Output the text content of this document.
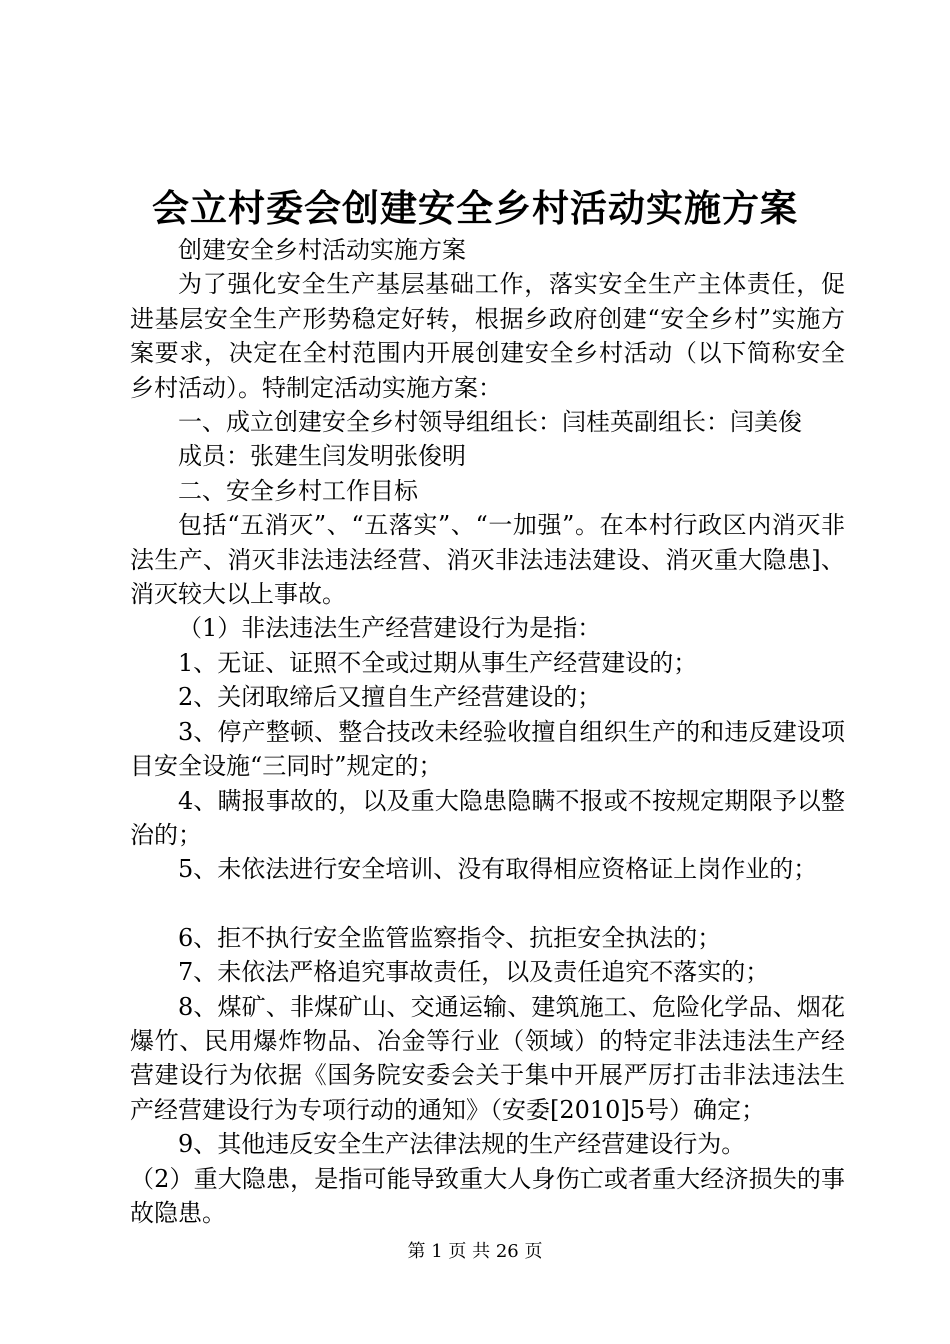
会立村委会创建安全乡村活动实施方案

创建安全乡村活动实施方案

为了强化安全生产基层基础工作，落实安全生产主体责任，促进基层安全生产形势稳定好转，根据乡政府创建“安全乡村”实施方案要求，决定在全村范围内开展创建安全乡村活动（以下简称安全乡村活动）。特制定活动实施方案：

一、成立创建安全乡村领导组组长：闫桂英副组长：闫美俊

成员：张建生闫发明张俊明

二、安全乡村工作目标

包括“五消灭”、“五落实”、“一加强”。在本村行政区内消灭非法生产、消灭非法违法经营、消灭非法违法建设、消灭重大隐患]、消灭较大以上事故。

（1）非法违法生产经营建设行为是指：

1、无证、证照不全或过期从事生产经营建设的；

2、关闭取缔后又擅自生产经营建设的；

3、停产整顿、整合技改未经验收擅自组织生产的和违反建设项目安全设施“三同时”规定的；

4、瞒报事故的，以及重大隐患隐瞒不报或不按规定期限予以整治的；

5、未依法进行安全培训、没有取得相应资格证上岗作业的；

6、拒不执行安全监管监察指令、抗拒安全执法的；

7、未依法严格追究事故责任，以及责任追究不落实的；

8、煤矿、非煤矿山、交通运输、建筑施工、危险化学品、烟花爆竹、民用爆炸物品、冶金等行业（领域）的特定非法违法生产经营建设行为依据《国务院安委会关于集中开展严厉打击非法违法生产经营建设行为专项行动的通知》（安委[2010]5号）确定；

9、其他违反安全生产法律法规的生产经营建设行为。

（2）重大隐患，是指可能导致重大人身伤亡或者重大经济损失的事故隐患。

第 1 页 共 26 页
